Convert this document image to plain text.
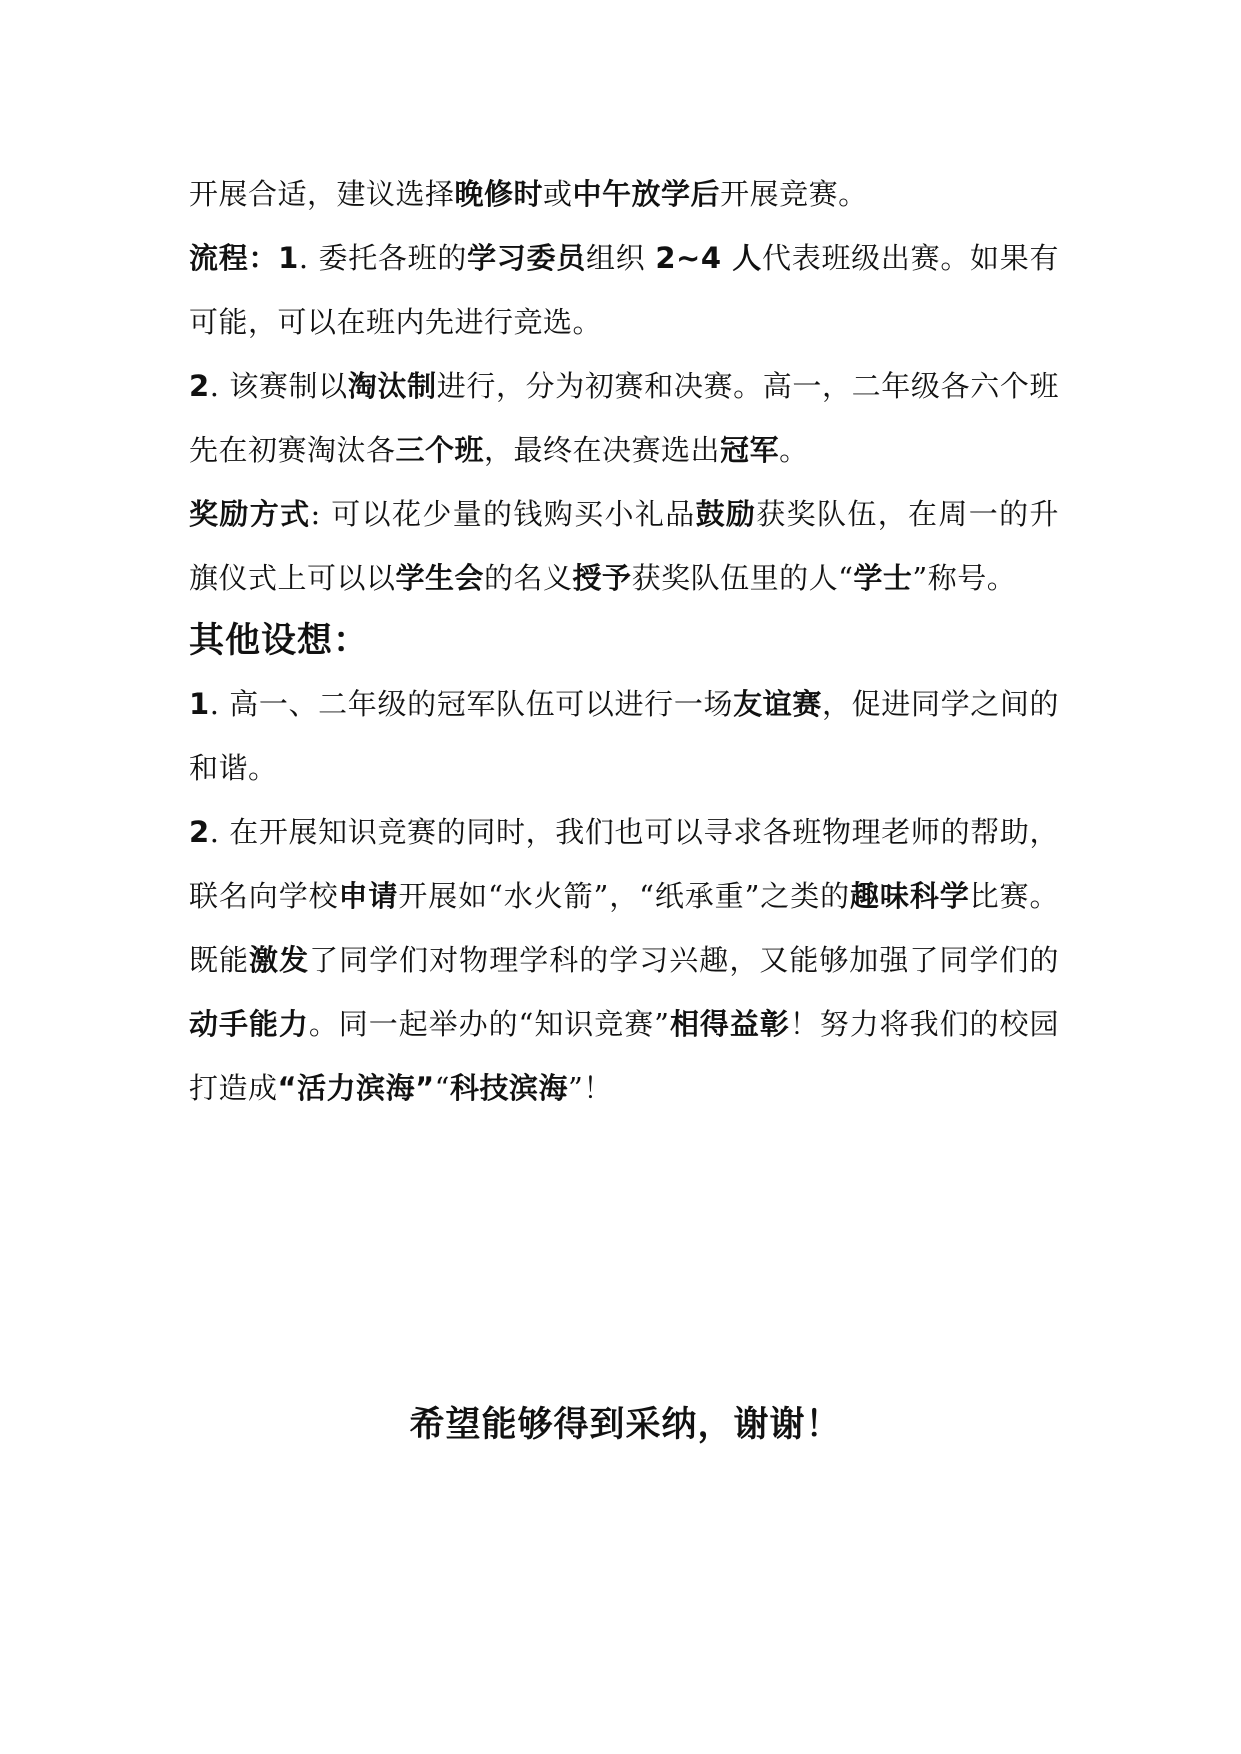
开展合适，建议选择晚修时或中午放学后开展竞赛。

流程：1. 委托各班的学习委员组织 2~4 人代表班级出赛。如果有可能，可以在班内先进行竞选。

2. 该赛制以淘汰制进行，分为初赛和决赛。高一，二年级各六个班先在初赛淘汰各三个班，最终在决赛选出冠军。

奖励方式: 可以花少量的钱购买小礼品鼓励获奖队伍，在周一的升旗仪式上可以以学生会的名义授予获奖队伍里的人“学士”称号。

其他设想：

1. 高一、二年级的冠军队伍可以进行一场友谊赛，促进同学之间的和谐。

2. 在开展知识竞赛的同时，我们也可以寻求各班物理老师的帮助，联名向学校申请开展如“水火箭”，“纸承重”之类的趣味科学比赛。既能激发了同学们对物理学科的学习兴趣，又能够加强了同学们的动手能力。同一起举办的“知识竞赛”相得益彰！努力将我们的校园打造成“活力滨海”“科技滨海”！

希望能够得到采纳，谢谢！
